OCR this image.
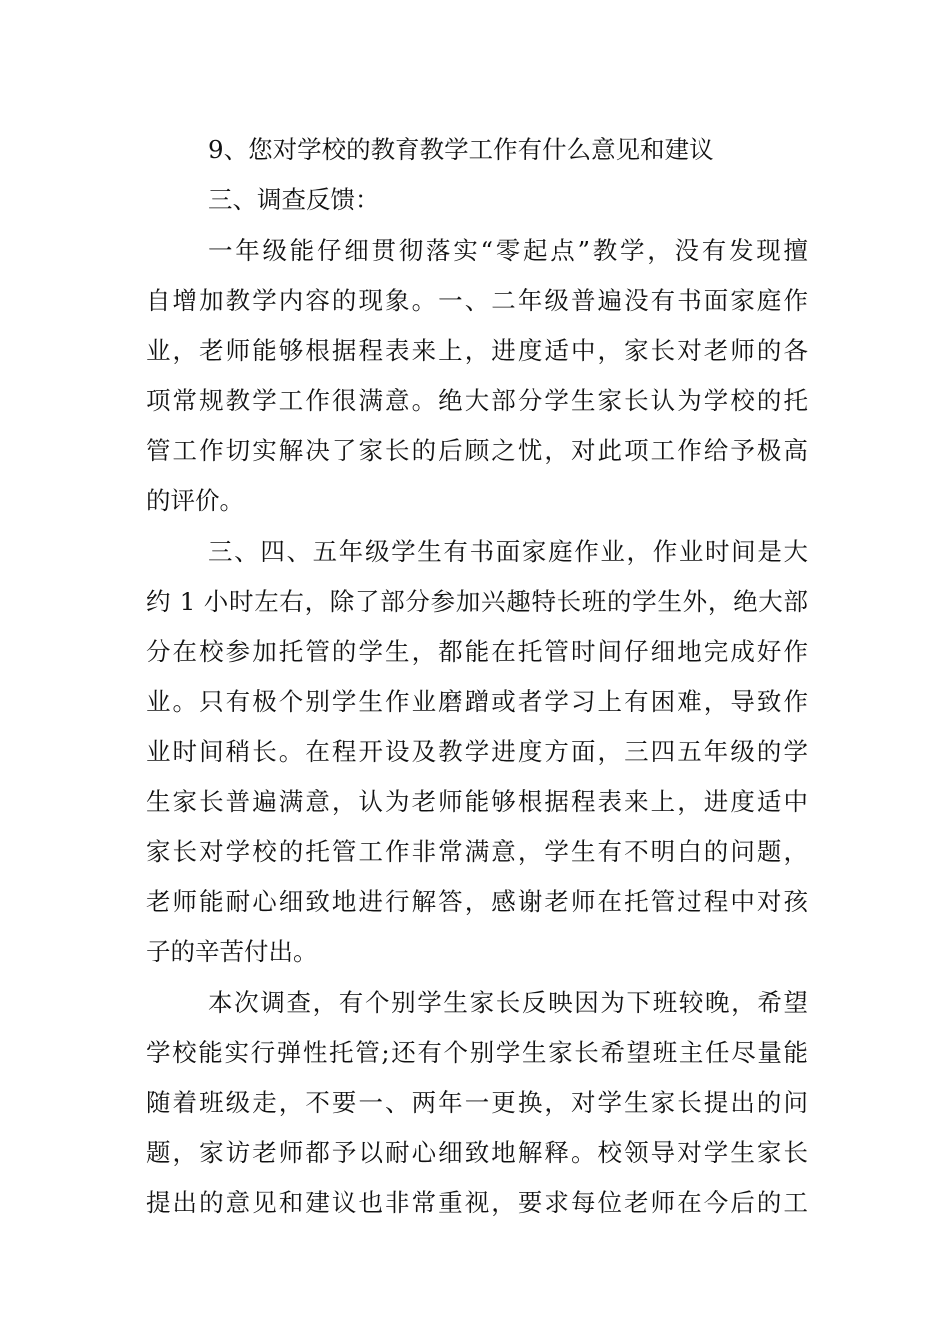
9、您对学校的教育教学工作有什么意见和建议
三、调查反馈：
一年级能仔细贯彻落实“零起点”教学，没有发现擅
自增加教学内容的现象。一、二年级普遍没有书面家庭作
业，老师能够根据程表来上，进度适中，家长对老师的各
项常规教学工作很满意。绝大部分学生家长认为学校的托
管工作切实解决了家长的后顾之忧，对此项工作给予极高
的评价。
三、四、五年级学生有书面家庭作业，作业时间是大
约 1 小时左右，除了部分参加兴趣特长班的学生外，绝大部
分在校参加托管的学生，都能在托管时间仔细地完成好作
业。只有极个别学生作业磨蹭或者学习上有困难，导致作
业时间稍长。在程开设及教学进度方面，三四五年级的学
生家长普遍满意，认为老师能够根据程表来上，进度适中
家长对学校的托管工作非常满意，学生有不明白的问题，
老师能耐心细致地进行解答，感谢老师在托管过程中对孩
子的辛苦付出。
本次调查，有个别学生家长反映因为下班较晚，希望
学校能实行弹性托管;还有个别学生家长希望班主任尽量能
随着班级走，不要一、两年一更换，对学生家长提出的问
题，家访老师都予以耐心细致地解释。校领导对学生家长
提出的意见和建议也非常重视，要求每位老师在今后的工
